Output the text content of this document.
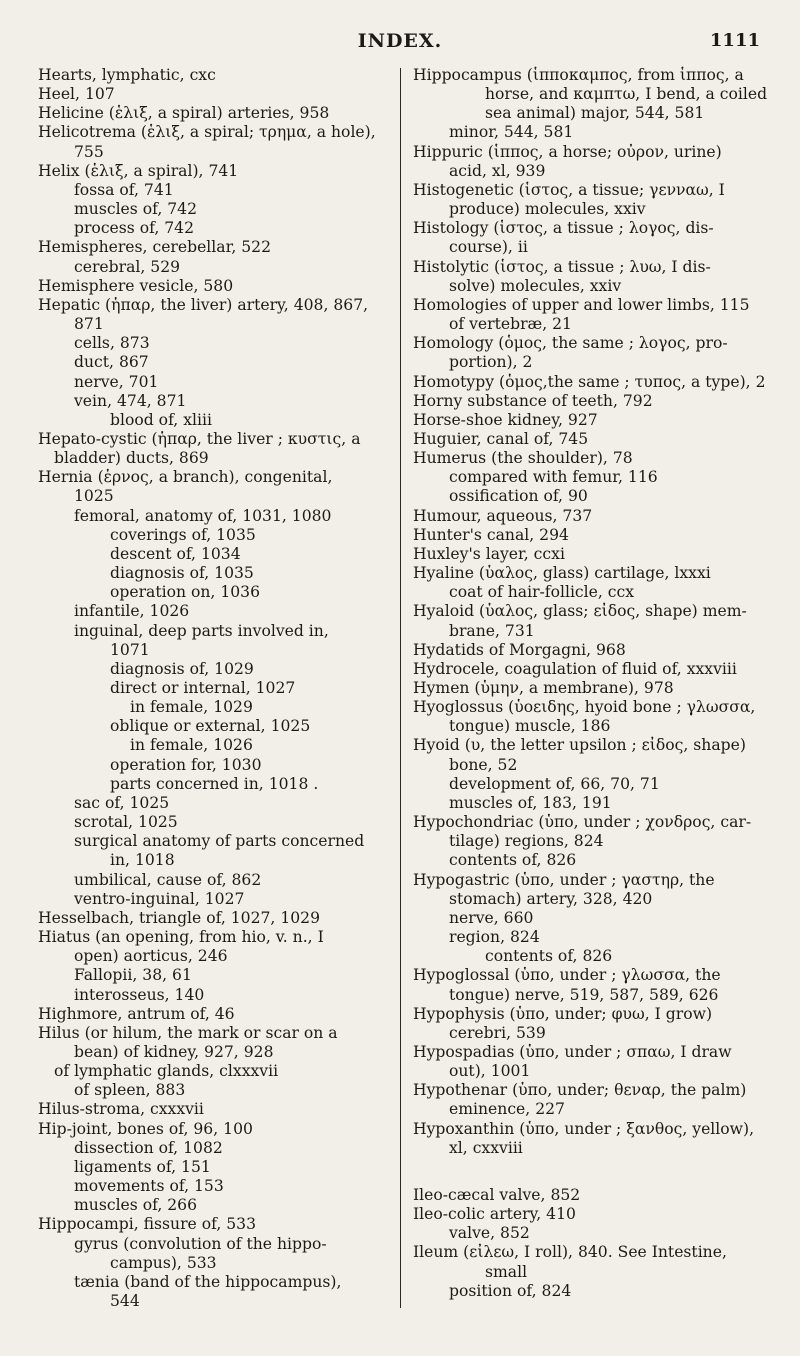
INDEX.	1111
Hearts, lymphatic, cxc
Heel, 107
Helicine (ἑλιξ, a spiral) arteries, 958
Helicotrema (ἑλιξ, a spiral; τρημα, a hole),
755
Helix (ἑλιξ, a spiral), 741
fossa of, 741
muscles of, 742
process of, 742
Hemispheres, cerebellar, 522
cerebral, 529
Hemisphere vesicle, 580
Hepatic (ἡπαρ, the liver) artery, 408, 867,
871
cells, 873
duct, 867
nerve, 701
vein, 474, 871
blood of, xliii
Hepato-cystic (ἡπαρ, the liver ; κυστις, a
bladder) ducts, 869
Hernia (ἑρνος, a branch), congenital,
1025
femoral, anatomy of, 1031, 1080
coverings of, 1035
descent of, 1034
diagnosis of, 1035
operation on, 1036
infantile, 1026
inguinal, deep parts involved in,
1071
diagnosis of, 1029
direct or internal, 1027
in female, 1029
oblique or external, 1025
in female, 1026
operation for, 1030
parts concerned in, 1018 .
sac of, 1025
scrotal, 1025
surgical anatomy of parts concerned
in, 1018
umbilical, cause of, 862
ventro-inguinal, 1027
Hesselbach, triangle of, 1027, 1029
Hiatus (an opening, from hio, v. n., I
open) aorticus, 246
Fallopii, 38, 61
interosseus, 140
Highmore, antrum of, 46
Hilus (or hilum, the mark or scar on a
bean) of kidney, 927, 928
of lymphatic glands, clxxxvii
of spleen, 883
Hilus-stroma, cxxxvii
Hip-joint, bones of, 96, 100
dissection of, 1082
ligaments of, 151
movements of, 153
muscles of, 266
Hippocampi, fissure of, 533
gyrus (convolution of the hippo-
campus), 533
tænia (band of the hippocampus),
544
Hippocampus (ἱπποκαμπος, from ἱππος, a
horse, and καμπτω, I bend, a coiled
sea animal) major, 544, 581
minor, 544, 581
Hippuric (ἱππος, a horse; οὐρον, urine)
acid, xl, 939
Histogenetic (ἱστος, a tissue; γενναω, I
produce) molecules, xxiv
Histology (ἱστος, a tissue ; λογος, dis-
course), ii
Histolytic (ἱστος, a tissue ; λυω, I dis-
solve) molecules, xxiv
Homologies of upper and lower limbs, 115
of vertebræ, 21
Homology (ὁμος, the same ; λογος, pro-
portion), 2
Homotypy (ὁμος,the same ; τυπος, a type), 2
Horny substance of teeth, 792
Horse-shoe kidney, 927
Huguier, canal of, 745
Humerus (the shoulder), 78
compared with femur, 116
ossification of, 90
Humour, aqueous, 737
Hunter's canal, 294
Huxley's layer, ccxi
Hyaline (ὑαλος, glass) cartilage, lxxxi
coat of hair-follicle, ccx
Hyaloid (ὑαλος, glass; εἰδος, shape) mem-
brane, 731
Hydatids of Morgagni, 968
Hydrocele, coagulation of fluid of, xxxviii
Hymen (ὑμην, a membrane), 978
Hyoglossus (ὑοειδης, hyoid bone ; γλωσσα,
tongue) muscle, 186
Hyoid (υ, the letter upsilon ; εἰδος, shape)
bone, 52
development of, 66, 70, 71
muscles of, 183, 191
Hypochondriac (ὑπο, under ; χονδρος, car-
tilage) regions, 824
contents of, 826
Hypogastric (ὑπο, under ; γαστηρ, the
stomach) artery, 328, 420
nerve, 660
region, 824
contents of, 826
Hypoglossal (ὑπο, under ; γλωσσα, the
tongue) nerve, 519, 587, 589, 626
Hypophysis (ὑπο, under; φυω, I grow)
cerebri, 539
Hypospadias (ὑπο, under ; σπαω, I draw
out), 1001
Hypothenar (ὑπο, under; θεναρ, the palm)
eminence, 227
Hypoxanthin (ὑπο, under ; ξανθος, yellow),
xl, cxxviii
Ileo-cæcal valve, 852
Ileo-colic artery, 410
valve, 852
Ileum (εἰλεω, I roll), 840. See Intestine,
small
position of, 824
